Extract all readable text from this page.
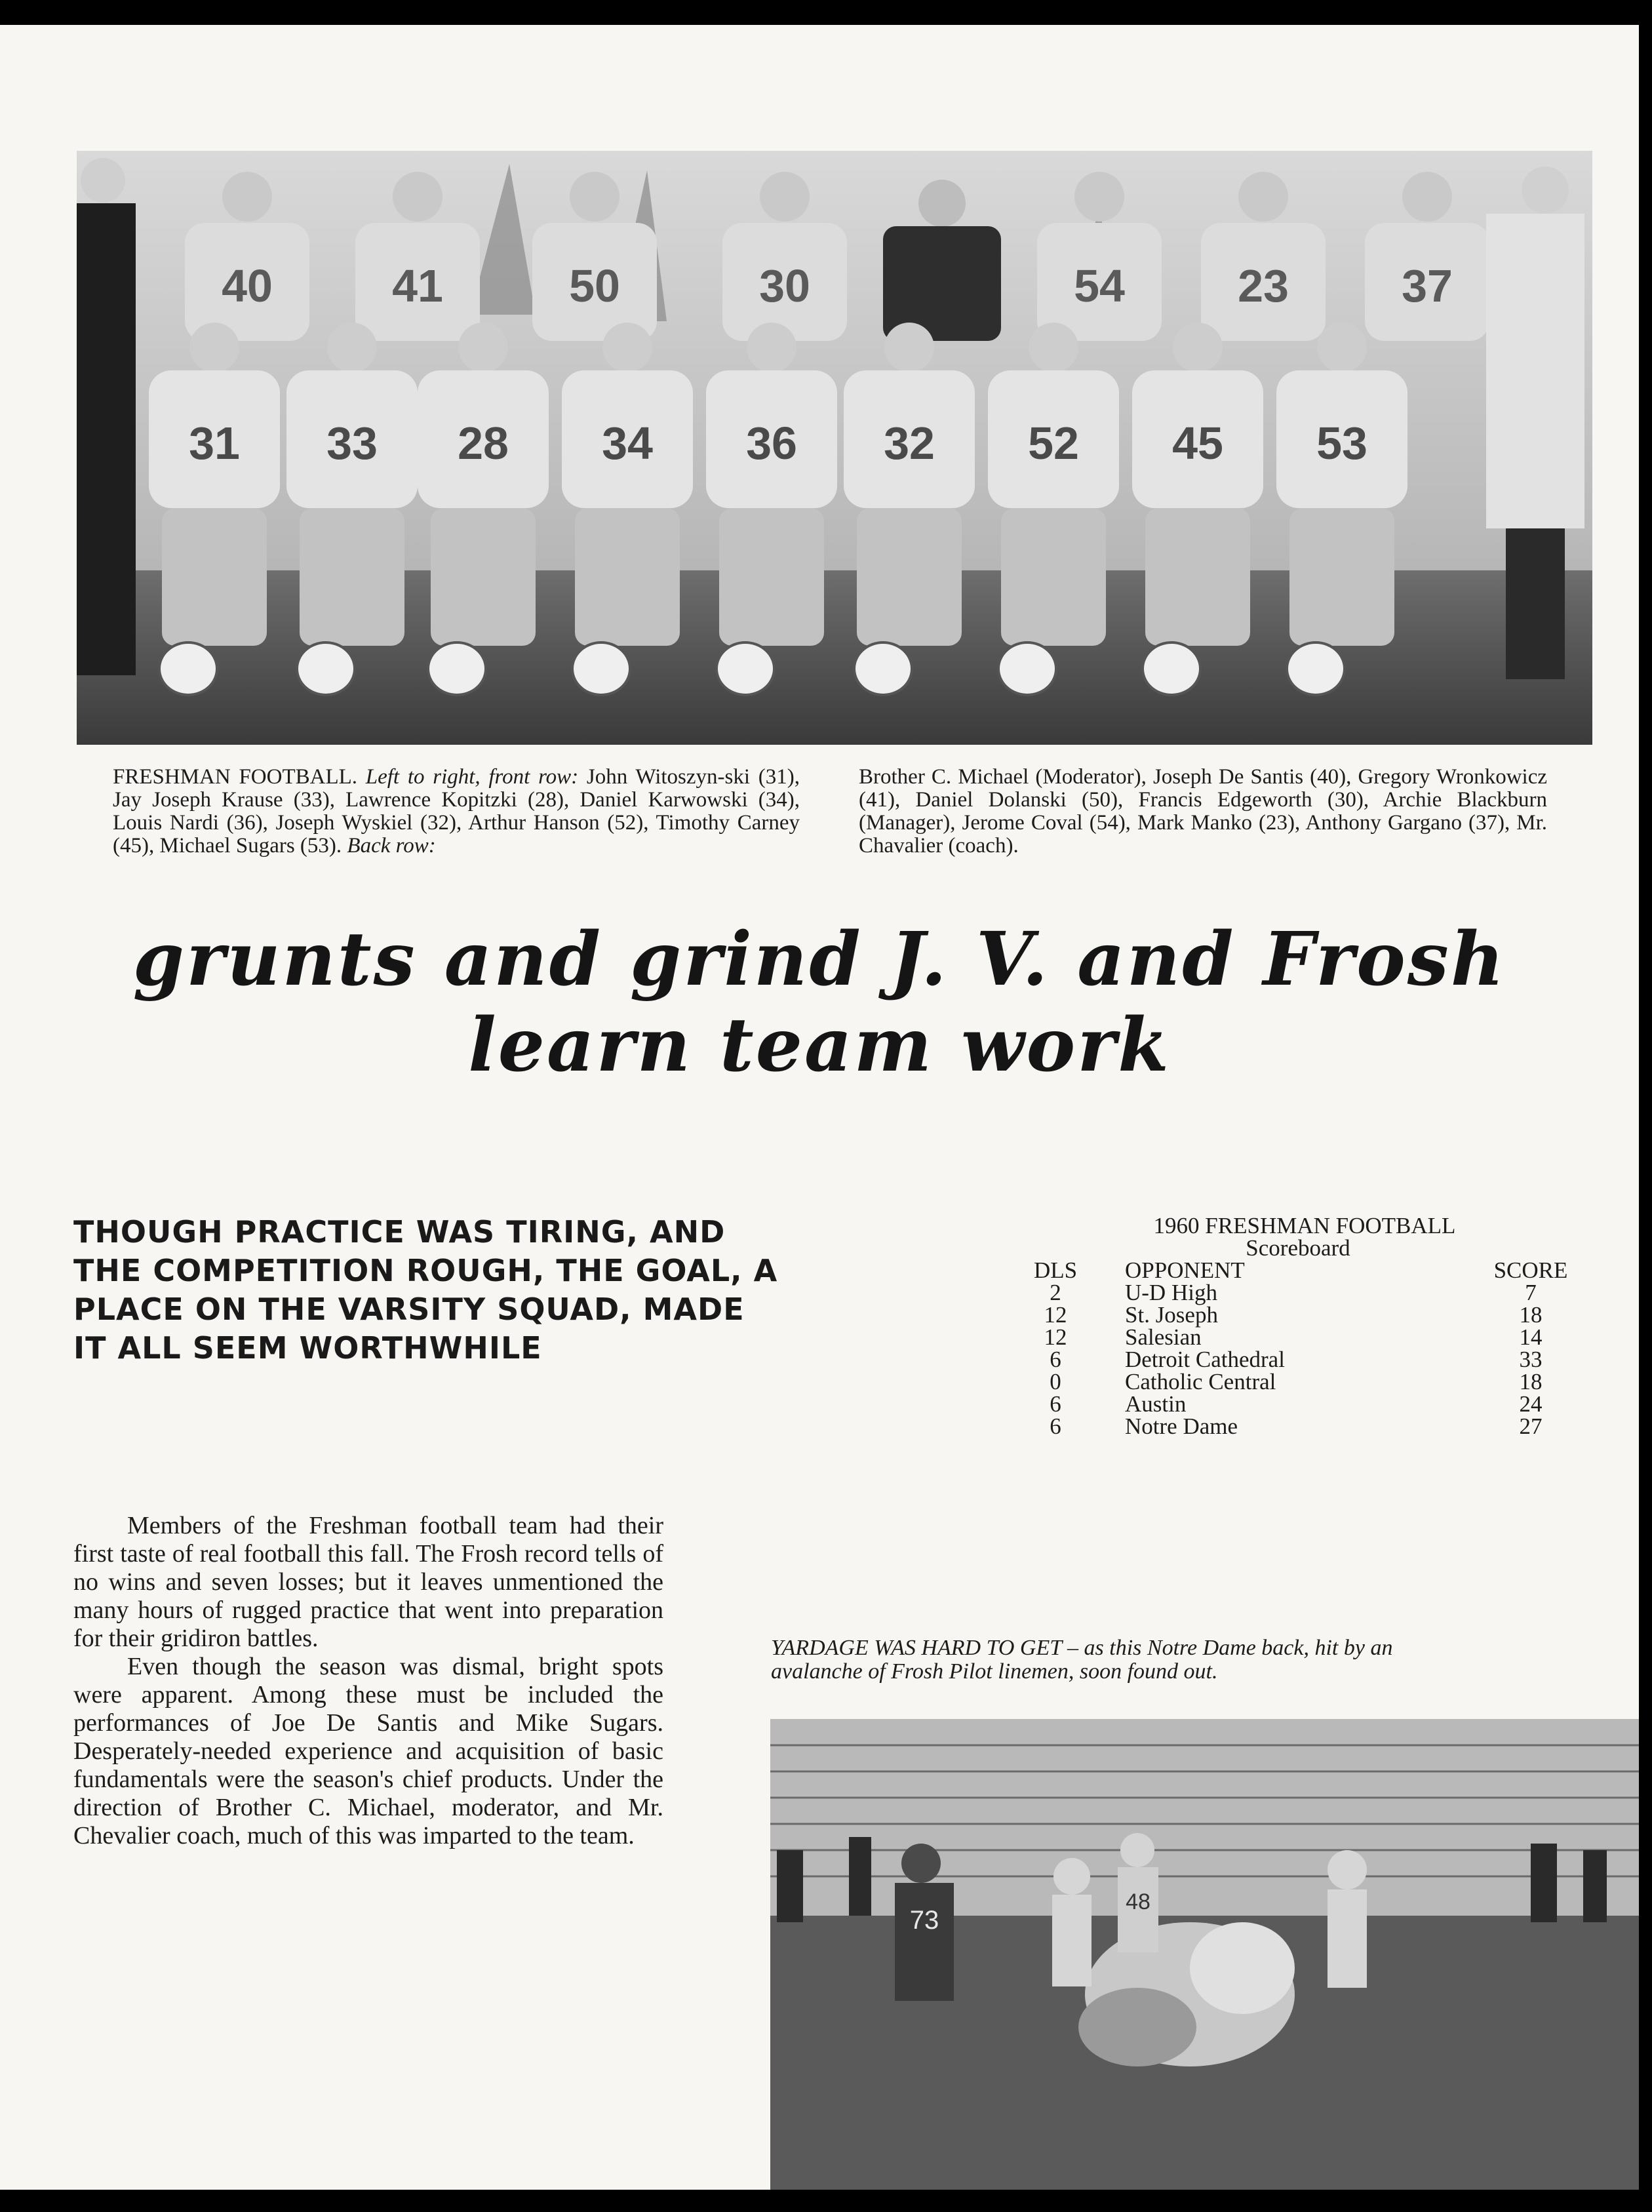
40	41	50	30	54 23 37
31 33 28 34 36 32 52 45 53
FRESHMAN FOOTBALL. Left to right, front row: John Witoszyn-ski (31), Jay Joseph Krause (33), Lawrence Kopitzki (28), Daniel Karwowski (34), Louis Nardi (36), Joseph Wyskiel (32), Arthur Hanson (52), Timothy Carney (45), Michael Sugars (53). Back row:
Brother C. Michael (Moderator), Joseph De Santis (40), Gregory Wronkowicz (41), Daniel Dolanski (50), Francis Edgeworth (30), Archie Blackburn (Manager), Jerome Coval (54), Mark Manko (23), Anthony Gargano (37), Mr. Chavalier (coach).
grunts and grind J. V. and Frosh learn team work
THOUGH PRACTICE WAS TIRING, AND THE COMPETITION ROUGH, THE GOAL, A PLACE ON THE VARSITY SQUAD, MADE IT ALL SEEM WORTHWHILE
1960 FRESHMAN FOOTBALL
Scoreboard
DLS	OPPONENT	SCORE
2	U-D High	7
12	St. Joseph	18
12	Salesian	14
6	Detroit Cathedral	33
0	Catholic Central	18
6	Austin	24
6	Notre Dame	27

Members of the Freshman football team had their first taste of real football this fall. The Frosh record tells of no wins and seven losses; but it leaves unmentioned the many hours of rugged practice that went into preparation for their gridiron battles.

Even though the season was dismal, bright spots were apparent. Among these must be included the performances of Joe De Santis and Mike Sugars. Desperately-needed experience and acquisition of basic fundamentals were the season's chief products. Under the direction of Brother C. Michael, moderator, and Mr. Chevalier coach, much of this was imparted to the team.

YARDAGE WAS HARD TO GET – as this Notre Dame back, hit by an avalanche of Frosh Pilot linemen, soon found out.
73
48
